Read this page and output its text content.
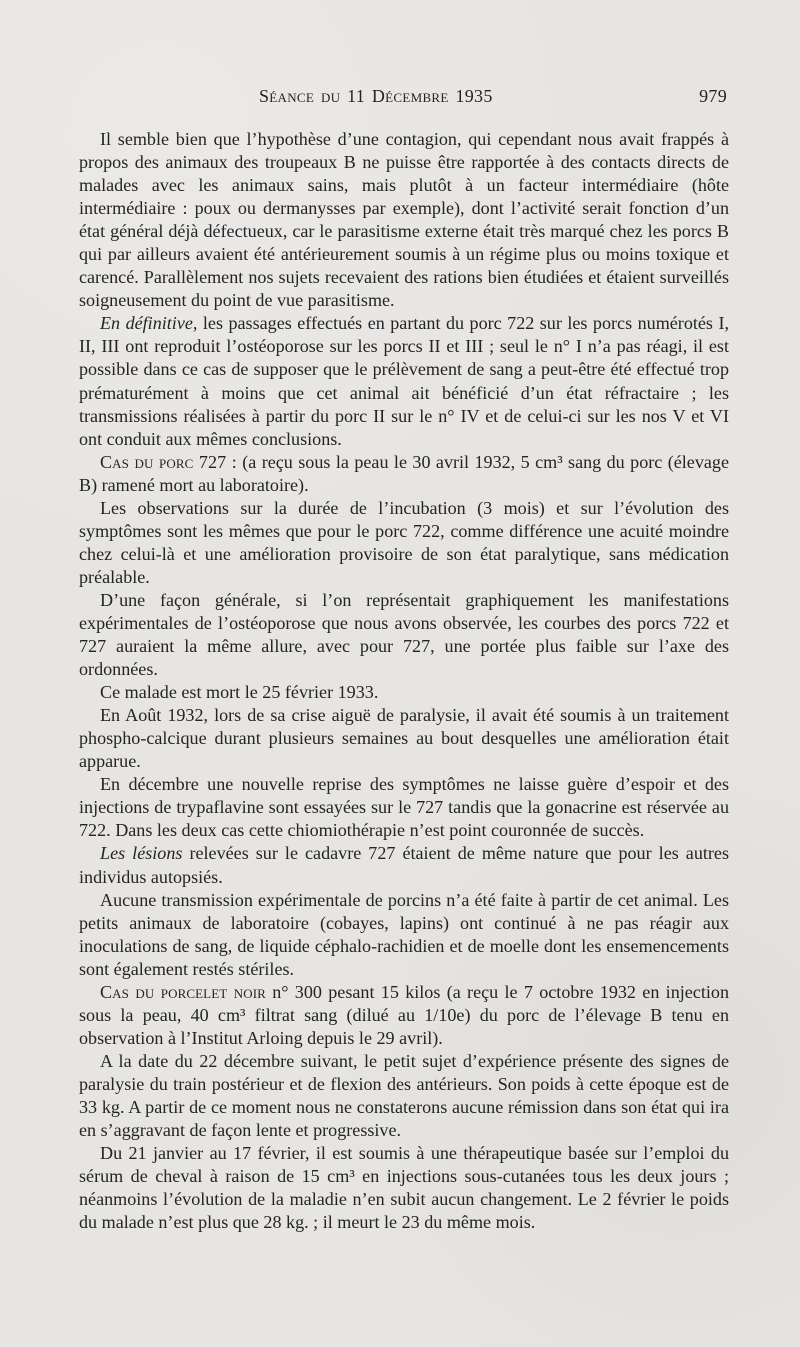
Séance du 11 Décembre 1935	979

Il semble bien que l’hypothèse d’une contagion, qui cependant nous avait frappés à propos des animaux des troupeaux B ne puisse être rapportée à des contacts directs de malades avec les animaux sains, mais plutôt à un facteur intermédiaire (hôte intermédiaire : poux ou dermanysses par exemple), dont l’activité serait fonction d’un état général déjà défectueux, car le parasitisme externe était très marqué chez les porcs B qui par ailleurs avaient été antérieurement soumis à un régime plus ou moins toxique et carencé. Parallèlement nos sujets recevaient des rations bien étudiées et étaient surveillés soigneusement du point de vue parasitisme.

En définitive, les passages effectués en partant du porc 722 sur les porcs numérotés I, II, III ont reproduit l’ostéoporose sur les porcs II et III ; seul le n° I n’a pas réagi, il est possible dans ce cas de supposer que le prélèvement de sang a peut-être été effectué trop prématurément à moins que cet animal ait bénéficié d’un état réfractaire ; les transmissions réalisées à partir du porc II sur le n° IV et de celui-ci sur les nos V et VI ont conduit aux mêmes conclusions.

Cas du porc 727 : (a reçu sous la peau le 30 avril 1932, 5 cm³ sang du porc (élevage B) ramené mort au laboratoire).

Les observations sur la durée de l’incubation (3 mois) et sur l’évolution des symptômes sont les mêmes que pour le porc 722, comme différence une acuité moindre chez celui-là et une amélioration provisoire de son état paralytique, sans médication préalable.

D’une façon générale, si l’on représentait graphiquement les manifestations expérimentales de l’ostéoporose que nous avons observée, les courbes des porcs 722 et 727 auraient la même allure, avec pour 727, une portée plus faible sur l’axe des ordonnées.

Ce malade est mort le 25 février 1933.

En Août 1932, lors de sa crise aiguë de paralysie, il avait été soumis à un traitement phospho-calcique durant plusieurs semaines au bout desquelles une amélioration était apparue.

En décembre une nouvelle reprise des symptômes ne laisse guère d’espoir et des injections de trypaflavine sont essayées sur le 727 tandis que la gonacrine est réservée au 722. Dans les deux cas cette chiomiothérapie n’est point couronnée de succès.

Les lésions relevées sur le cadavre 727 étaient de même nature que pour les autres individus autopsiés.

Aucune transmission expérimentale de porcins n’a été faite à partir de cet animal. Les petits animaux de laboratoire (cobayes, lapins) ont continué à ne pas réagir aux inoculations de sang, de liquide céphalo-rachidien et de moelle dont les ensemencements sont également restés stériles.

Cas du porcelet noir n° 300 pesant 15 kilos (a reçu le 7 octobre 1932 en injection sous la peau, 40 cm³ filtrat sang (dilué au 1/10e) du porc de l’élevage B tenu en observation à l’Institut Arloing depuis le 29 avril).

A la date du 22 décembre suivant, le petit sujet d’expérience présente des signes de paralysie du train postérieur et de flexion des antérieurs. Son poids à cette époque est de 33 kg. A partir de ce moment nous ne constaterons aucune rémission dans son état qui ira en s’aggravant de façon lente et progressive.

Du 21 janvier au 17 février, il est soumis à une thérapeutique basée sur l’emploi du sérum de cheval à raison de 15 cm³ en injections sous-cutanées tous les deux jours ; néanmoins l’évolution de la maladie n’en subit aucun changement. Le 2 février le poids du malade n’est plus que 28 kg. ; il meurt le 23 du même mois.
